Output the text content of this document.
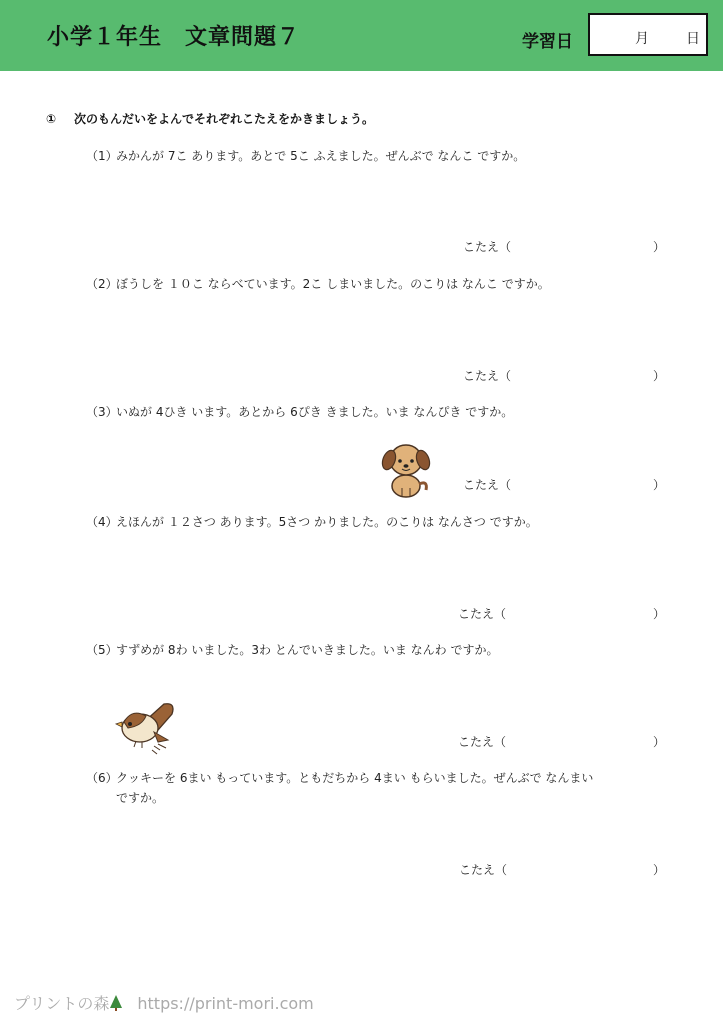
小学１年生　文章問題７	学習日	月	日
① 次のもんだいをよんでそれぞれこたえをかきましょう。
（1）みかんが 7こ あります。あとで 5こ ふえました。ぜんぶで なんこ ですか。
こたえ（	）
（2）ぼうしを １０こ ならべています。2こ しまいました。のこりは なんこ ですか。
こたえ（	）
（3）いぬが 4ひき います。あとから 6ぴき きました。いま なんぴき ですか。
こたえ（	）
（4）えほんが １２さつ あります。5さつ かりました。のこりは なんさつ ですか。
こたえ（	）
（5）すずめが 8わ いました。3わ とんでいきました。いま なんわ ですか。
こたえ（	）
（6）クッキーを 6まい もっています。ともだちから 4まい もらいました。ぜんぶで なんまい
ですか。
こたえ（	）
プリントの森 https://print-mori.com
